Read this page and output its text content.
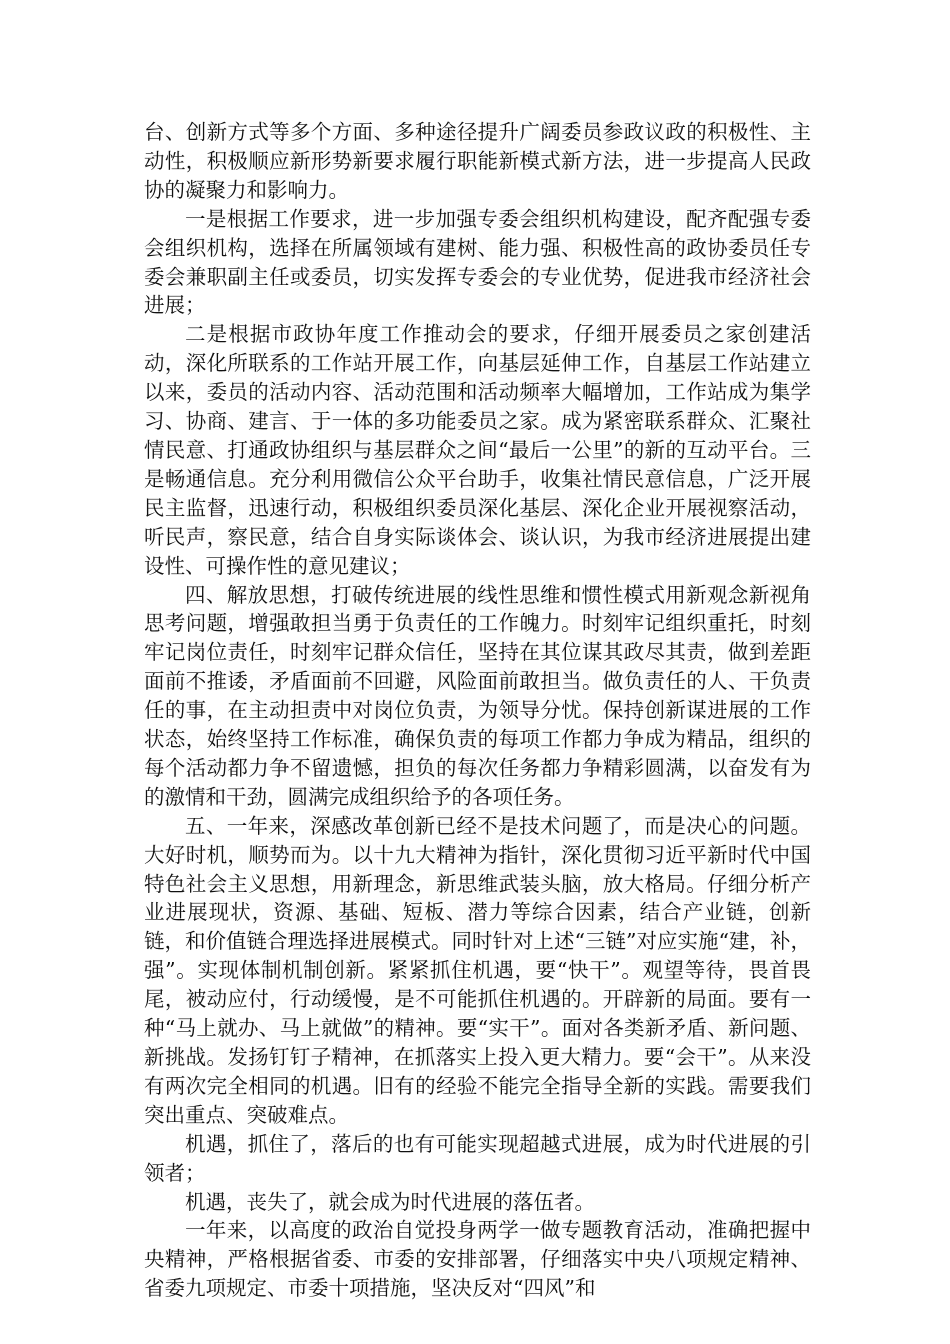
台、创新方式等多个方面、多种途径提升广阔委员参政议政的积极性、主动性，积极顺应新形势新要求履行职能新模式新方法，进一步提高人民政协的凝聚力和影响力。

一是根据工作要求，进一步加强专委会组织机构建设，配齐配强专委会组织机构，选择在所属领域有建树、能力强、积极性高的政协委员任专委会兼职副主任或委员，切实发挥专委会的专业优势，促进我市经济社会进展；

二是根据市政协年度工作推动会的要求，仔细开展委员之家创建活动，深化所联系的工作站开展工作，向基层延伸工作，自基层工作站建立以来，委员的活动内容、活动范围和活动频率大幅增加，工作站成为集学习、协商、建言、于一体的多功能委员之家。成为紧密联系群众、汇聚社情民意、打通政协组织与基层群众之间“最后一公里”的新的互动平台。三是畅通信息。充分利用微信公众平台助手，收集社情民意信息，广泛开展民主监督，迅速行动，积极组织委员深化基层、深化企业开展视察活动，听民声，察民意，结合自身实际谈体会、谈认识，为我市经济进展提出建设性、可操作性的意见建议；

四、解放思想，打破传统进展的线性思维和惯性模式用新观念新视角思考问题，增强敢担当勇于负责任的工作魄力。时刻牢记组织重托，时刻牢记岗位责任，时刻牢记群众信任，坚持在其位谋其政尽其责，做到差距面前不推诿，矛盾面前不回避，风险面前敢担当。做负责任的人、干负责任的事，在主动担责中对岗位负责，为领导分忧。保持创新谋进展的工作状态，始终坚持工作标准，确保负责的每项工作都力争成为精品，组织的每个活动都力争不留遗憾，担负的每次任务都力争精彩圆满，以奋发有为的激情和干劲，圆满完成组织给予的各项任务。

五、一年来，深感改革创新已经不是技术问题了，而是决心的问题。大好时机，顺势而为。以十九大精神为指针，深化贯彻习近平新时代中国特色社会主义思想，用新理念，新思维武装头脑，放大格局。仔细分析产业进展现状，资源、基础、短板、潜力等综合因素，结合产业链，创新链，和价值链合理选择进展模式。同时针对上述“三链”对应实施“建，补，强”。实现体制机制创新。紧紧抓住机遇，要“快干”。观望等待，畏首畏尾，被动应付，行动缓慢，是不可能抓住机遇的。开辟新的局面。要有一种“马上就办、马上就做”的精神。要“实干”。面对各类新矛盾、新问题、新挑战。发扬钉钉子精神，在抓落实上投入更大精力。要“会干”。从来没有两次完全相同的机遇。旧有的经验不能完全指导全新的实践。需要我们突出重点、突破难点。

机遇，抓住了，落后的也有可能实现超越式进展，成为时代进展的引领者；

机遇，丧失了，就会成为时代进展的落伍者。

一年来，以高度的政治自觉投身两学一做专题教育活动，准确把握中央精神，严格根据省委、市委的安排部署，仔细落实中央八项规定精神、省委九项规定、市委十项措施，坚决反对“四风”和
